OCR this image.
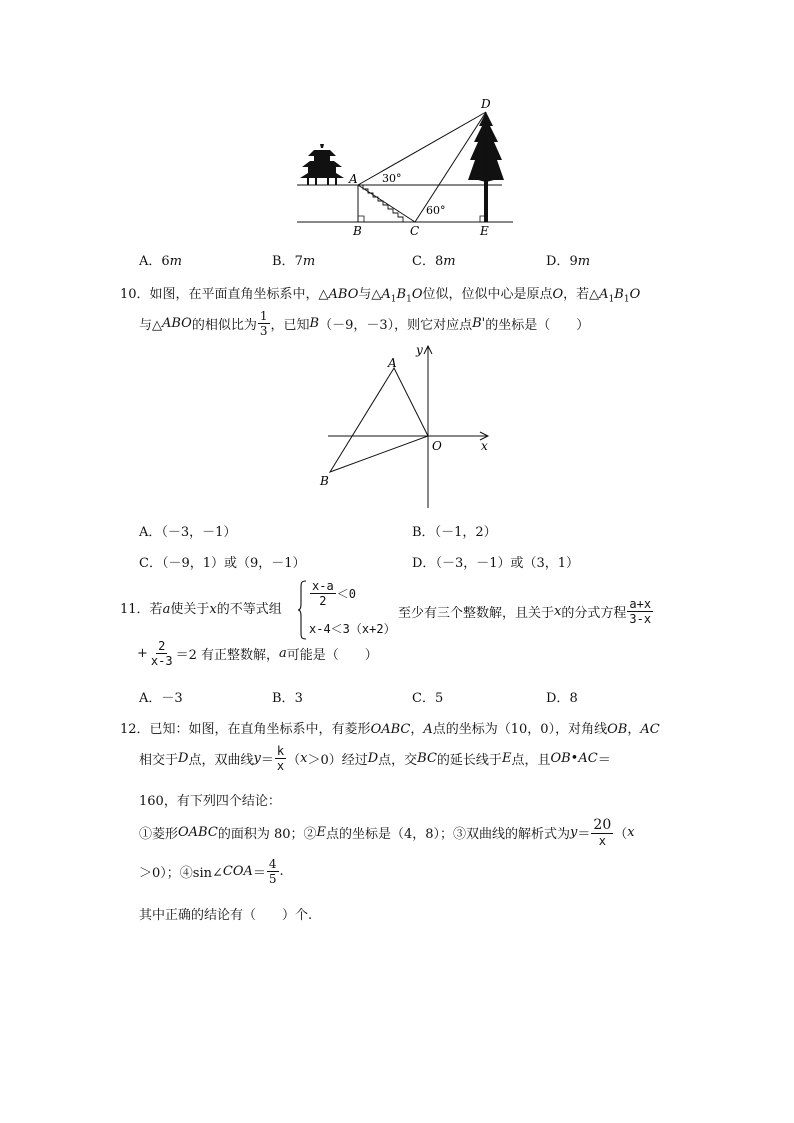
D
A
B	C	E
30°
60°
A．6m	B．7m	C．8m	D．9m
10．如图，在平面直角坐标系中，△ABO与$\triangle A_1B_1O$位似，位似中心是原点O，若$\triangle A_1B_1O$
与△ ABO 的相似比为 $\frac{1}{3}$ ，已知 B （－9，－3），则它对应点 B' 的坐标是（　　）
y
x
O
A
B
A．（－3，－1）	B．（－1，2）
C．（－9，1）或（9，－1）	D．（－3，－1）或（3，1）
11．若a使关于x的不等式组
$\frac{x-a}{2} <0$
x-4＜3（x+2）
至少有三个整数解，且关于 x 的分式方程 $\frac{a+x}{3-x}$
+ $\frac{2}{x-3} =2$ 有正整数解， a 可能是（　　）
A．－3	B．3	C．5	D．8
12．已知：如图，在直角坐标系中，有菱形OABC，A点的坐标为（10，0），对角线OB，AC
相交于 D 点，双曲线 $y = \frac{k}{x}$ （ x ＞0）经过 D 点，交 BC 的延长线于 E 点，且 OB • AC ＝
160，有下列四个结论：
①菱形 OABC 的面积为 80；② E 点的坐标是（4，8）；③双曲线的解析式为 $y = \frac{20}{x}$ （ x
＞0）；④sin∠ COA ＝ $\frac{4}{5}$ .
其中正确的结论有（　　）个.
